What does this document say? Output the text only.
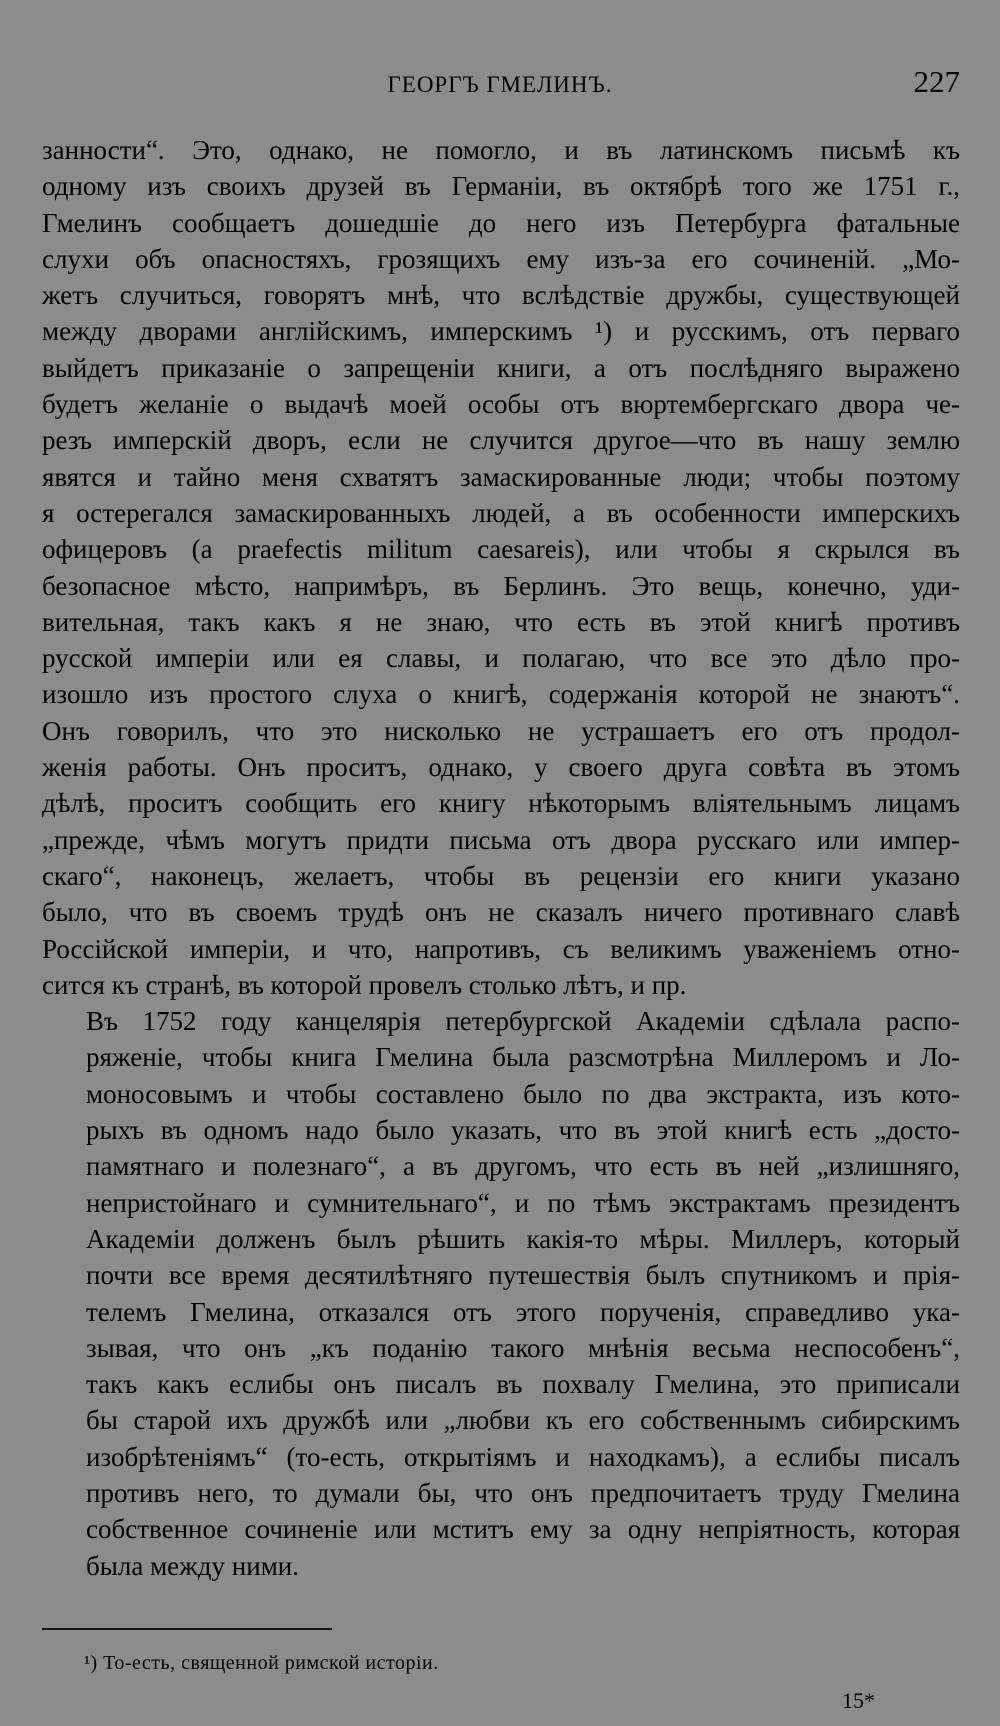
ГЕОРГЪ ГМЕЛИНЪ.	227

занности“. Это, однако, не помогло, и въ латинскомъ письмѣ къ
одному изъ своихъ друзей въ Германіи, въ октябрѣ того же 1751 г.,
Гмелинъ сообщаетъ дошедшіе до него изъ Петербурга фатальные
слухи объ опасностяхъ, грозящихъ ему изъ-за его сочиненій. „Мо-
жетъ случиться, говорятъ мнѣ, что вслѣдствіе дружбы, существующей
между дворами англійскимъ, имперскимъ ¹) и русскимъ, отъ перваго
выйдетъ приказаніе о запрещеніи книги, а отъ послѣдняго выражено
будетъ желаніе о выдачѣ моей особы отъ вюртембергскаго двора че-
резъ имперскій дворъ, если не случится другое—что въ нашу землю
явятся и тайно меня схватятъ замаскированные люди; чтобы поэтому
я остерегался замаскированныхъ людей, а въ особенности имперскихъ
офицеровъ (a praefectis militum caesareis), или чтобы я скрылся въ
безопасное мѣсто, напримѣръ, въ Берлинъ. Это вещь, конечно, уди-
вительная, такъ какъ я не знаю, что есть въ этой книгѣ противъ
русской имперіи или ея славы, и полагаю, что все это дѣло про-
изошло изъ простого слуха о книгѣ, содержанія которой не знаютъ“.
Онъ говорилъ, что это нисколько не устрашаетъ его отъ продол-
женія работы. Онъ проситъ, однако, у своего друга совѣта въ этомъ
дѣлѣ, проситъ сообщить его книгу нѣкоторымъ вліятельнымъ лицамъ
„прежде, чѣмъ могутъ придти письма отъ двора русскаго или импер-
скаго“, наконецъ, желаетъ, чтобы въ рецензіи его книги указано
было, что въ своемъ трудѣ онъ не сказалъ ничего противнаго славѣ
Россійской имперіи, и что, напротивъ, съ великимъ уваженіемъ отно-
сится къ странѣ, въ которой провелъ столько лѣтъ, и пр.

Въ 1752 году канцелярія петербургской Академіи сдѣлала распо-
ряженіе, чтобы книга Гмелина была разсмотрѣна Миллеромъ и Ло-
моносовымъ и чтобы составлено было по два экстракта, изъ кото-
рыхъ въ одномъ надо было указать, что въ этой книгѣ есть „досто-
памятнаго и полезнаго“, а въ другомъ, что есть въ ней „излишняго,
непристойнаго и сумнительнаго“, и по тѣмъ экстрактамъ президентъ
Академіи долженъ былъ рѣшить какія-то мѣры. Миллеръ, который
почти все время десятилѣтняго путешествія былъ спутникомъ и прія-
телемъ Гмелина, отказался отъ этого порученія, справедливо ука-
зывая, что онъ „къ поданію такого мнѣнія весьма неспособенъ“,
такъ какъ еслибы онъ писалъ въ похвалу Гмелина, это приписали
бы старой ихъ дружбѣ или „любви къ его собственнымъ сибирскимъ
изобрѣтеніямъ“ (то-есть, открытіямъ и находкамъ), а еслибы писалъ
противъ него, то думали бы, что онъ предпочитаетъ труду Гмелина
собственное сочиненіе или мститъ ему за одну непріятность, которая
была между ними.

¹) То-есть, священной римской исторіи.
15*
